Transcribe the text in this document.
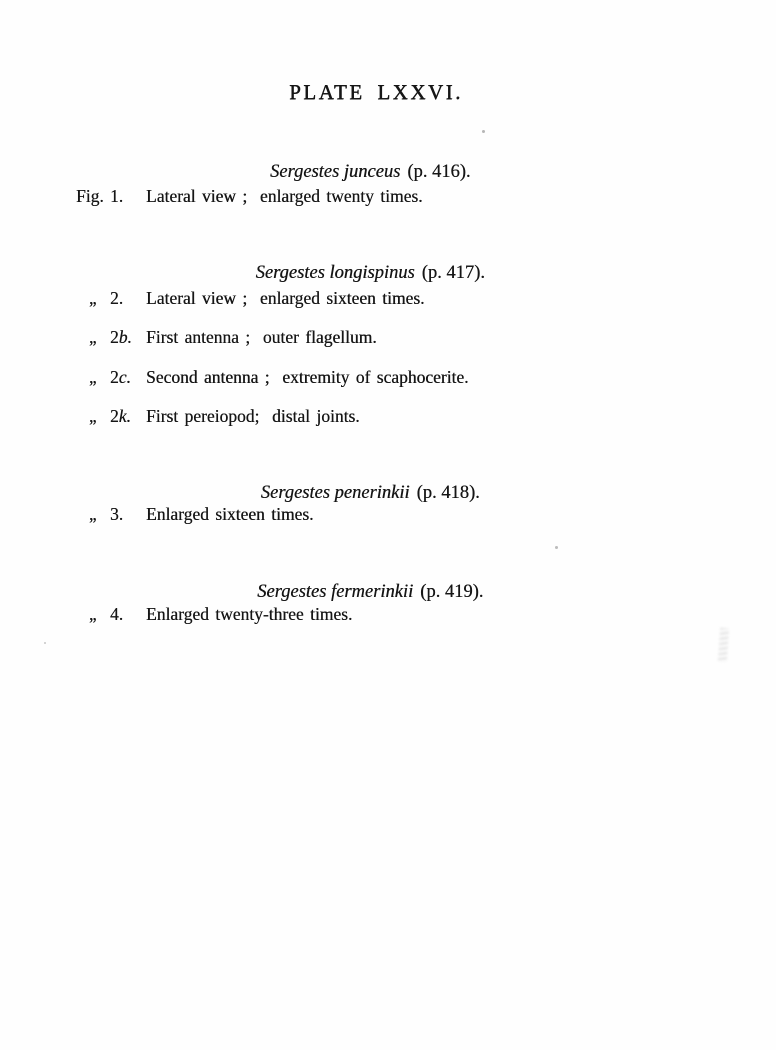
PLATE LXXVI.

Sergestes junceus (p. 416).

Fig. 1.	Lateral view ;  enlarged twenty times.

Sergestes longispinus (p. 417).

,, 2.	Lateral view ;  enlarged sixteen times.
,, 2b. First antenna ;  outer flagellum.
,, 2c. Second antenna ;  extremity of scaphocerite.
,, 2k. First pereiopod;  distal joints.

Sergestes penerinkii (p. 418).

,, 3.	Enlarged sixteen times.

Sergestes fermerinkii (p. 419).

,, 4.	Enlarged twenty-three times.
